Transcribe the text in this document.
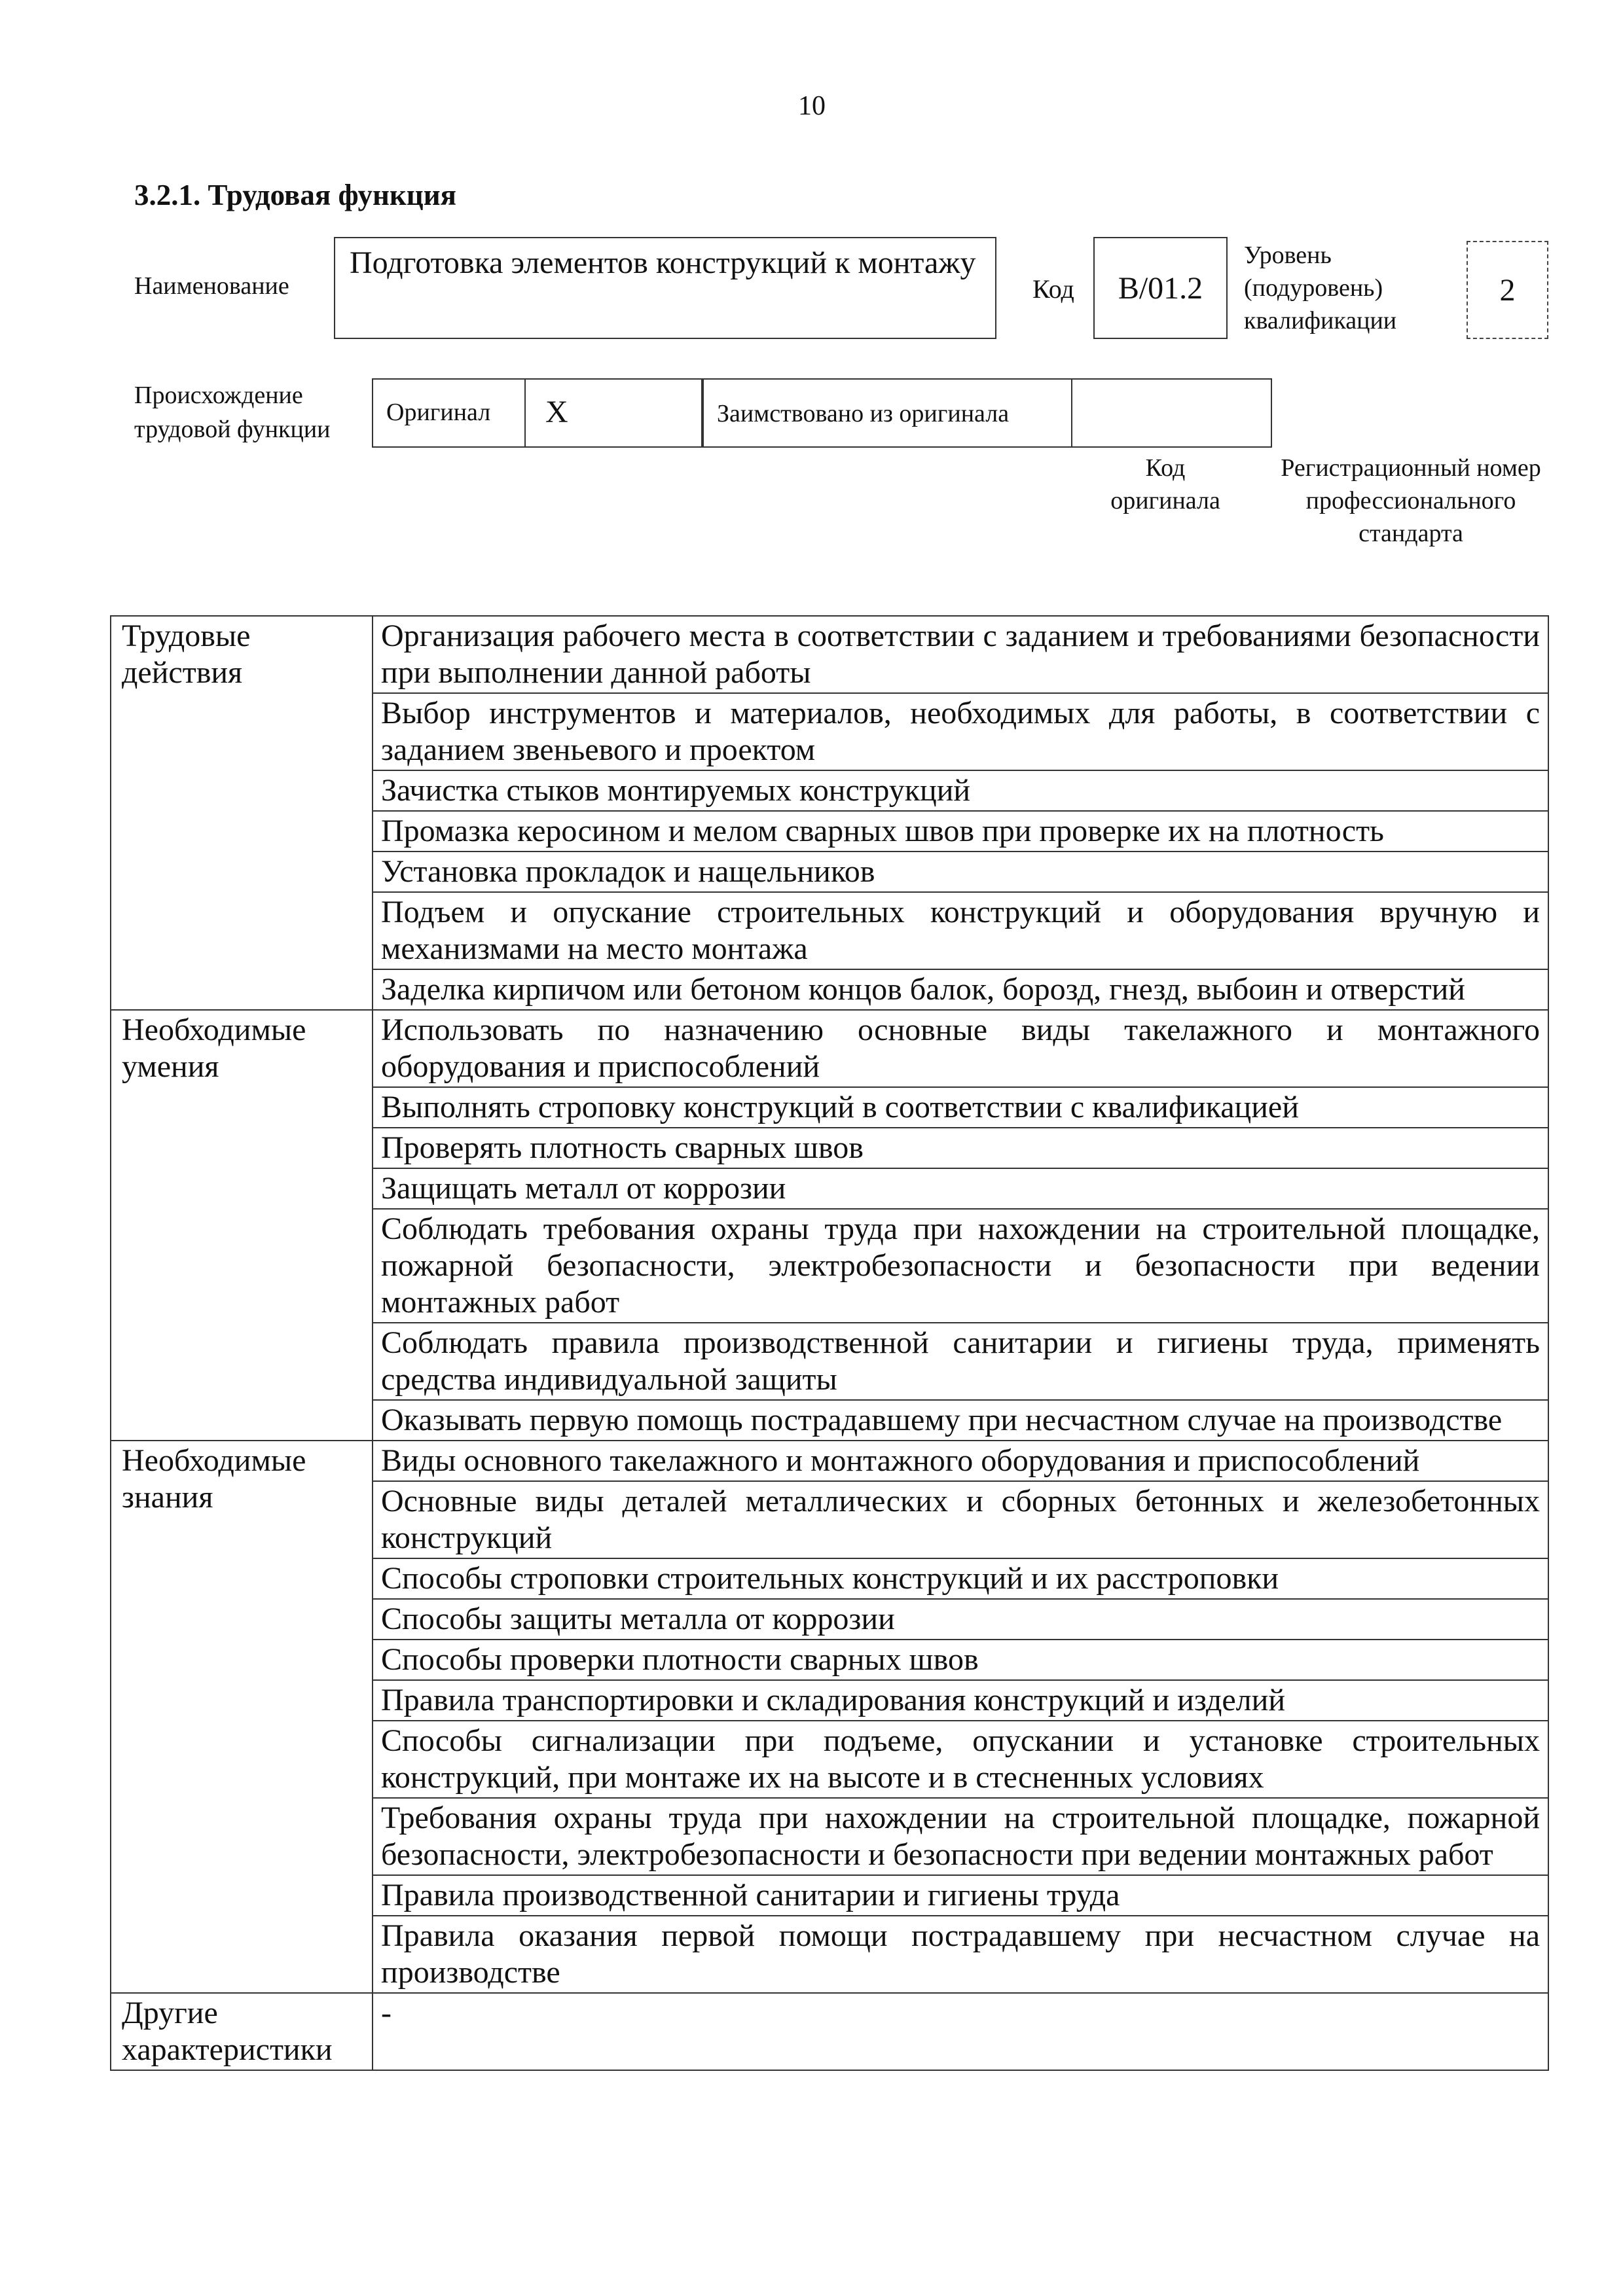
10
3.2.1. Трудовая функция
Наименование
Подготовка элементов конструкций к монтажу
Код	B/01.2
Уровень (подуровень) квалификации
2
Происхождение трудовой функции
Оригинал	X	Заимствовано из оригинала
Код оригинала
Регистрационный номер профессионального стандарта
Трудовые действия	Организация рабочего места в соответствии с заданием и требованиями безопасности при выполнении данной работы
	Выбор инструментов и материалов, необходимых для работы, в соответствии с заданием звеньевого и проектом
	Зачистка стыков монтируемых конструкций
	Промазка керосином и мелом сварных швов при проверке их на плотность
	Установка прокладок и нащельников
	Подъем и опускание строительных конструкций и оборудования вручную и механизмами на место монтажа
	Заделка кирпичом или бетоном концов балок, борозд, гнезд, выбоин и отверстий
Необходимые умения	Использовать по назначению основные виды такелажного и монтажного оборудования и приспособлений
	Выполнять строповку конструкций в соответствии с квалификацией
	Проверять плотность сварных швов
	Защищать металл от коррозии
	Соблюдать требования охраны труда при нахождении на строительной площадке, пожарной безопасности, электробезопасности и безопасности при ведении монтажных работ
	Соблюдать правила производственной санитарии и гигиены труда, применять средства индивидуальной защиты
	Оказывать первую помощь пострадавшему при несчастном случае на производстве
Необходимые знания	Виды основного такелажного и монтажного оборудования и приспособлений
	Основные виды деталей металлических и сборных бетонных и железобетонных конструкций
	Способы строповки строительных конструкций и их расстроповки
	Способы защиты металла от коррозии
	Способы проверки плотности сварных швов
	Правила транспортировки и складирования конструкций и изделий
	Способы сигнализации при подъеме, опускании и установке строительных конструкций, при монтаже их на высоте и в стесненных условиях
	Требования охраны труда при нахождении на строительной площадке, пожарной безопасности, электробезопасности и безопасности при ведении монтажных работ
	Правила производственной санитарии и гигиены труда
	Правила оказания первой помощи пострадавшему при несчастном случае на производстве
Другие характеристики	-
